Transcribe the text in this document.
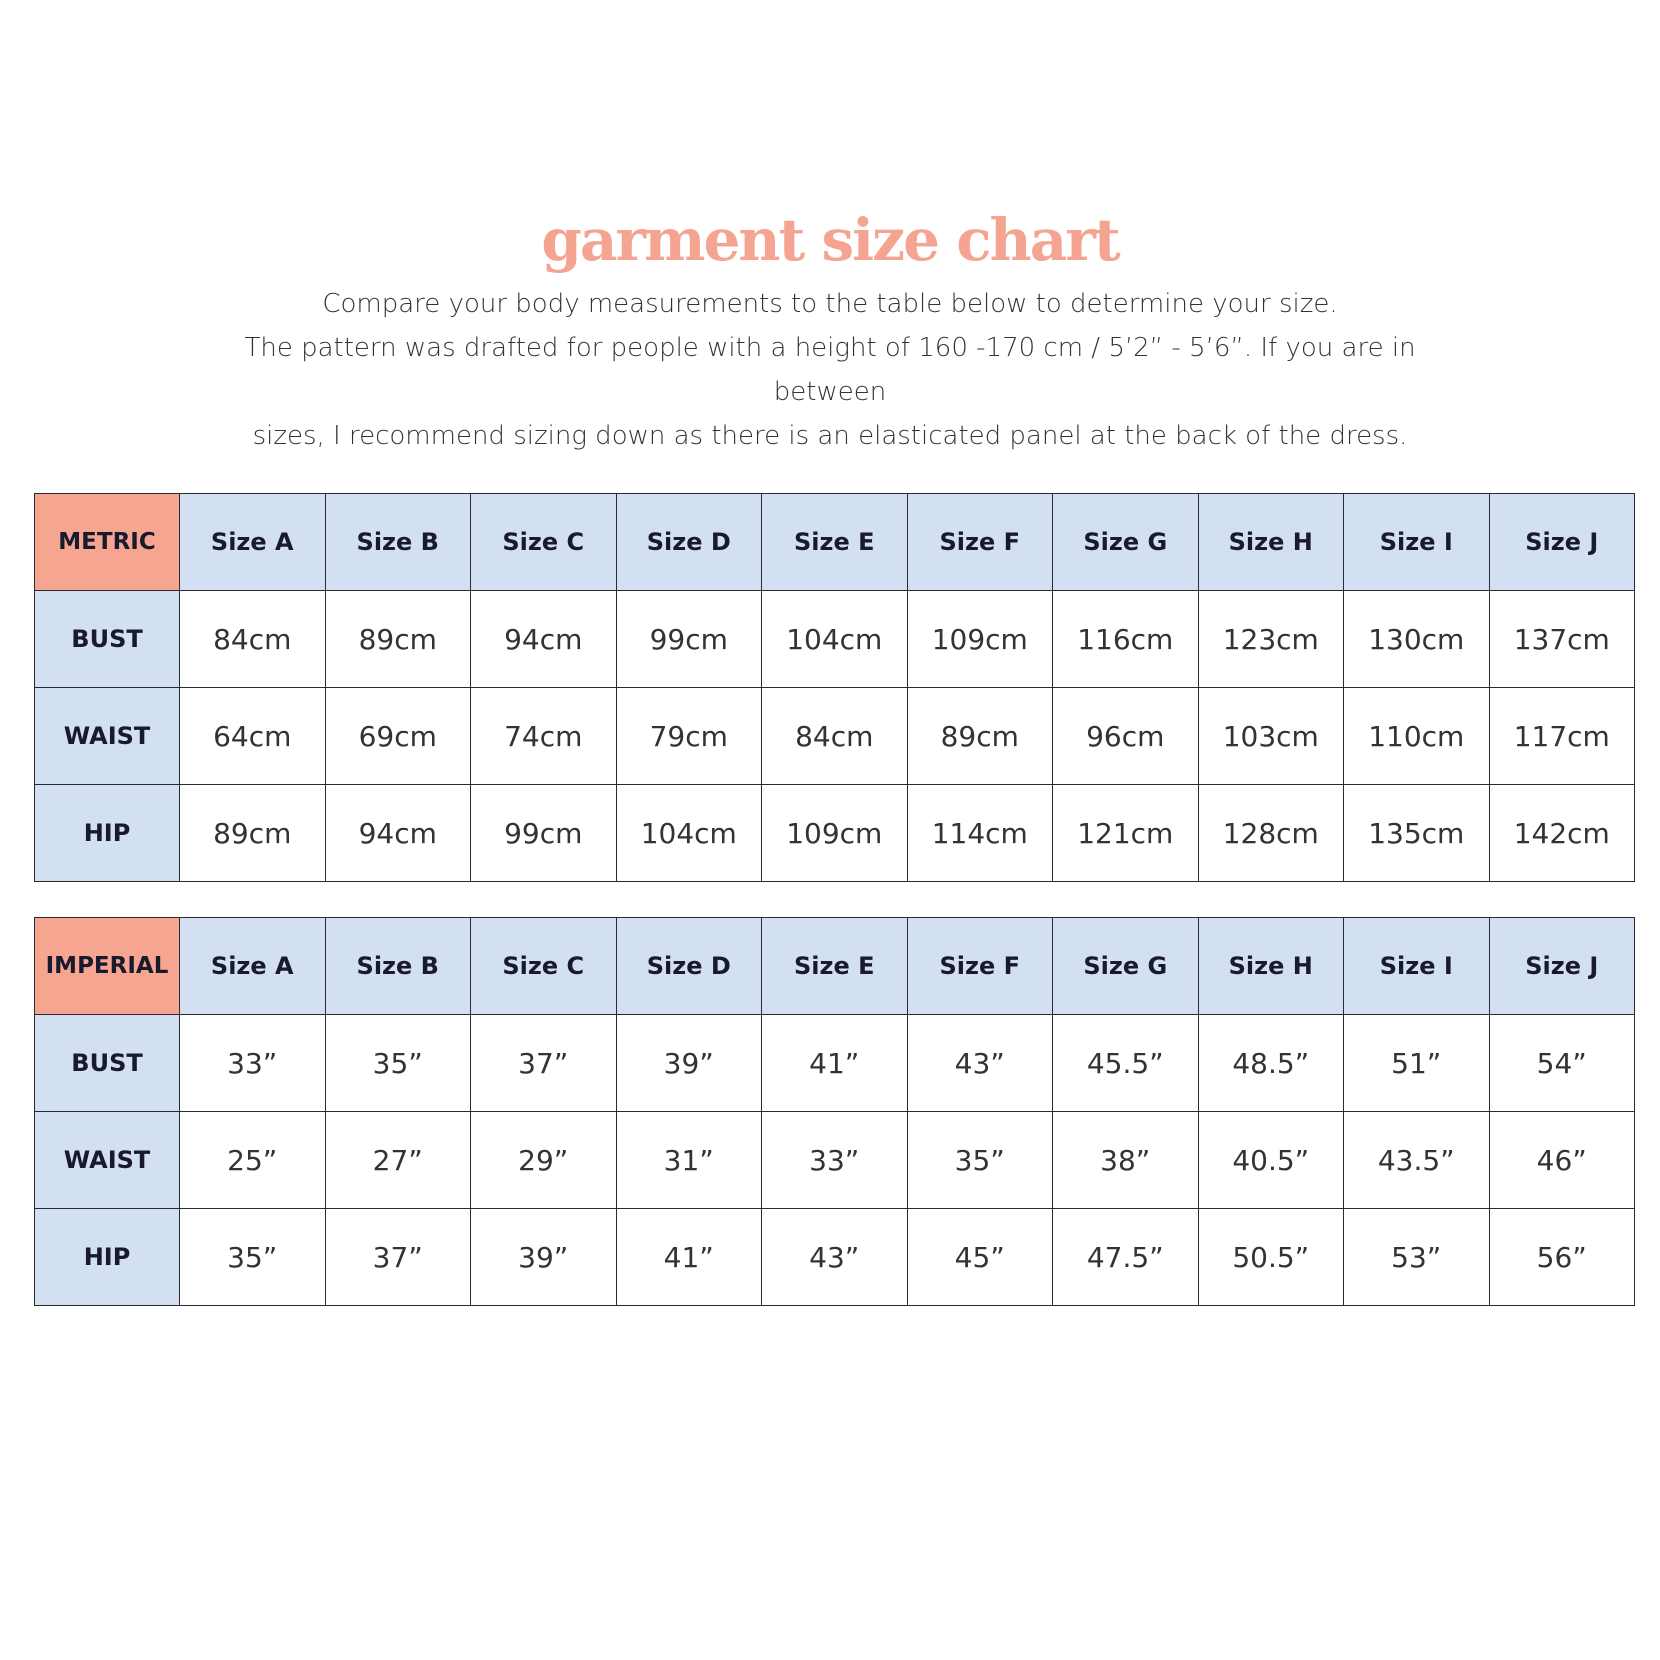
garment size chart

Compare your body measurements to the table below to determine your size.

The pattern was drafted for people with a height of 160 -170 cm / 5’2” - 5’6”. If you are in between

sizes, I recommend sizing down as there is an elasticated panel at the back of the dress.

METRIC	Size A	Size B	Size C	Size D	Size E	Size F	Size G	Size H	Size I	Size J
BUST	84cm	89cm	94cm	99cm	104cm	109cm	116cm	123cm	130cm	137cm
WAIST	64cm	69cm	74cm	79cm	84cm	89cm	96cm	103cm	110cm	117cm
HIP	89cm	94cm	99cm	104cm	109cm	114cm	121cm	128cm	135cm	142cm
IMPERIAL	Size A	Size B	Size C	Size D	Size E	Size F	Size G	Size H	Size I	Size J
BUST	33”	35”	37”	39”	41”	43”	45.5”	48.5”	51”	54”
WAIST	25”	27”	29”	31”	33”	35”	38”	40.5”	43.5”	46”
HIP	35”	37”	39”	41”	43”	45”	47.5”	50.5”	53”	56”
